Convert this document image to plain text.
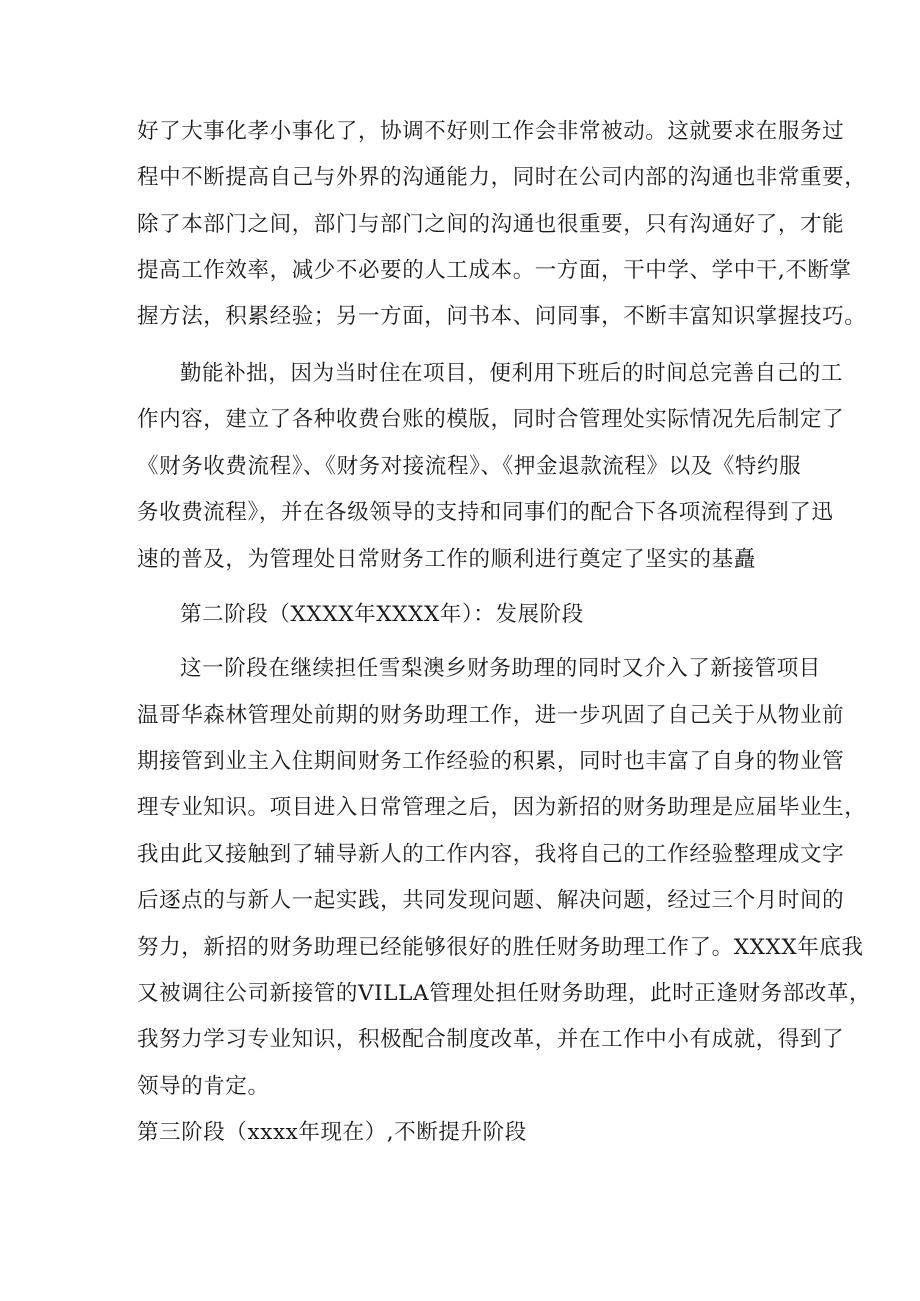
好了大事化孝小事化了，协调不好则工作会非常被动。这就要求在服务过
程中不断提高自己与外界的沟通能力，同时在公司内部的沟通也非常重要，
除了本部门之间，部门与部门之间的沟通也很重要，只有沟通好了，才能
提高工作效率，减少不必要的人工成本。一方面，干中学、学中干,不断掌
握方法，积累经验；另一方面，问书本、问同事，不断丰富知识掌握技巧。
勤能补拙，因为当时住在项目，便利用下班后的时间总完善自己的工
作内容，建立了各种收费台账的模版，同时合管理处实际情况先后制定了
《财务收费流程》、《财务对接流程》、《押金退款流程》以及《特约服
务收费流程》，并在各级领导的支持和同事们的配合下各项流程得到了迅
速的普及，为管理处日常财务工作的顺利进行奠定了坚实的基矗
第二阶段（XXXX年XXXX年）：发展阶段
这一阶段在继续担任雪梨澳乡财务助理的同时又介入了新接管项目
温哥华森林管理处前期的财务助理工作，进一步巩固了自己关于从物业前
期接管到业主入住期间财务工作经验的积累，同时也丰富了自身的物业管
理专业知识。项目进入日常管理之后，因为新招的财务助理是应届毕业生，
我由此又接触到了辅导新人的工作内容，我将自己的工作经验整理成文字
后逐点的与新人一起实践，共同发现问题、解决问题，经过三个月时间的
努力，新招的财务助理已经能够很好的胜任财务助理工作了。XXXX年底我
又被调往公司新接管的VILLA管理处担任财务助理，此时正逢财务部改革，
我努力学习专业知识，积极配合制度改革，并在工作中小有成就，得到了
领导的肯定。
第三阶段（xxxx年现在）,不断提升阶段
